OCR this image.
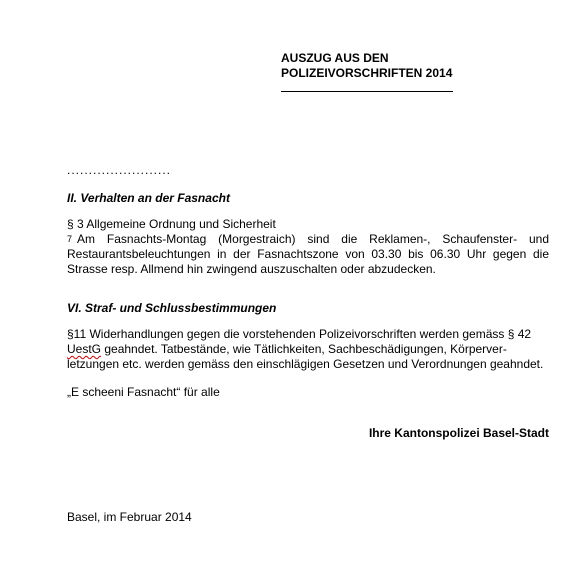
AUSZUG AUS DEN
POLIZEIVORSCHRIFTEN 2014
........................
II. Verhalten an der Fasnacht
§ 3 Allgemeine Ordnung und Sicherheit
7 Am Fasnachts-Montag (Morgestraich) sind die Reklamen-, Schaufenster- und Restaurantsbeleuchtungen in der Fasnachtszone von 03.30 bis 06.30 Uhr gegen die Strasse resp. Allmend hin zwingend auszuschalten oder abzudecken.
VI. Straf- und Schlussbestimmungen
§11 Widerhandlungen gegen die vorstehenden Polizeivorschriften werden gemäss § 42
UestG geahndet. Tatbestände, wie Tätlichkeiten, Sachbeschädigungen, Körperver-letzungen etc. werden gemäss den einschlägigen Gesetzen und Verordnungen geahndet.
„E scheeni Fasnacht“ für alle
Ihre Kantonspolizei Basel-Stadt
Basel, im Februar 2014
